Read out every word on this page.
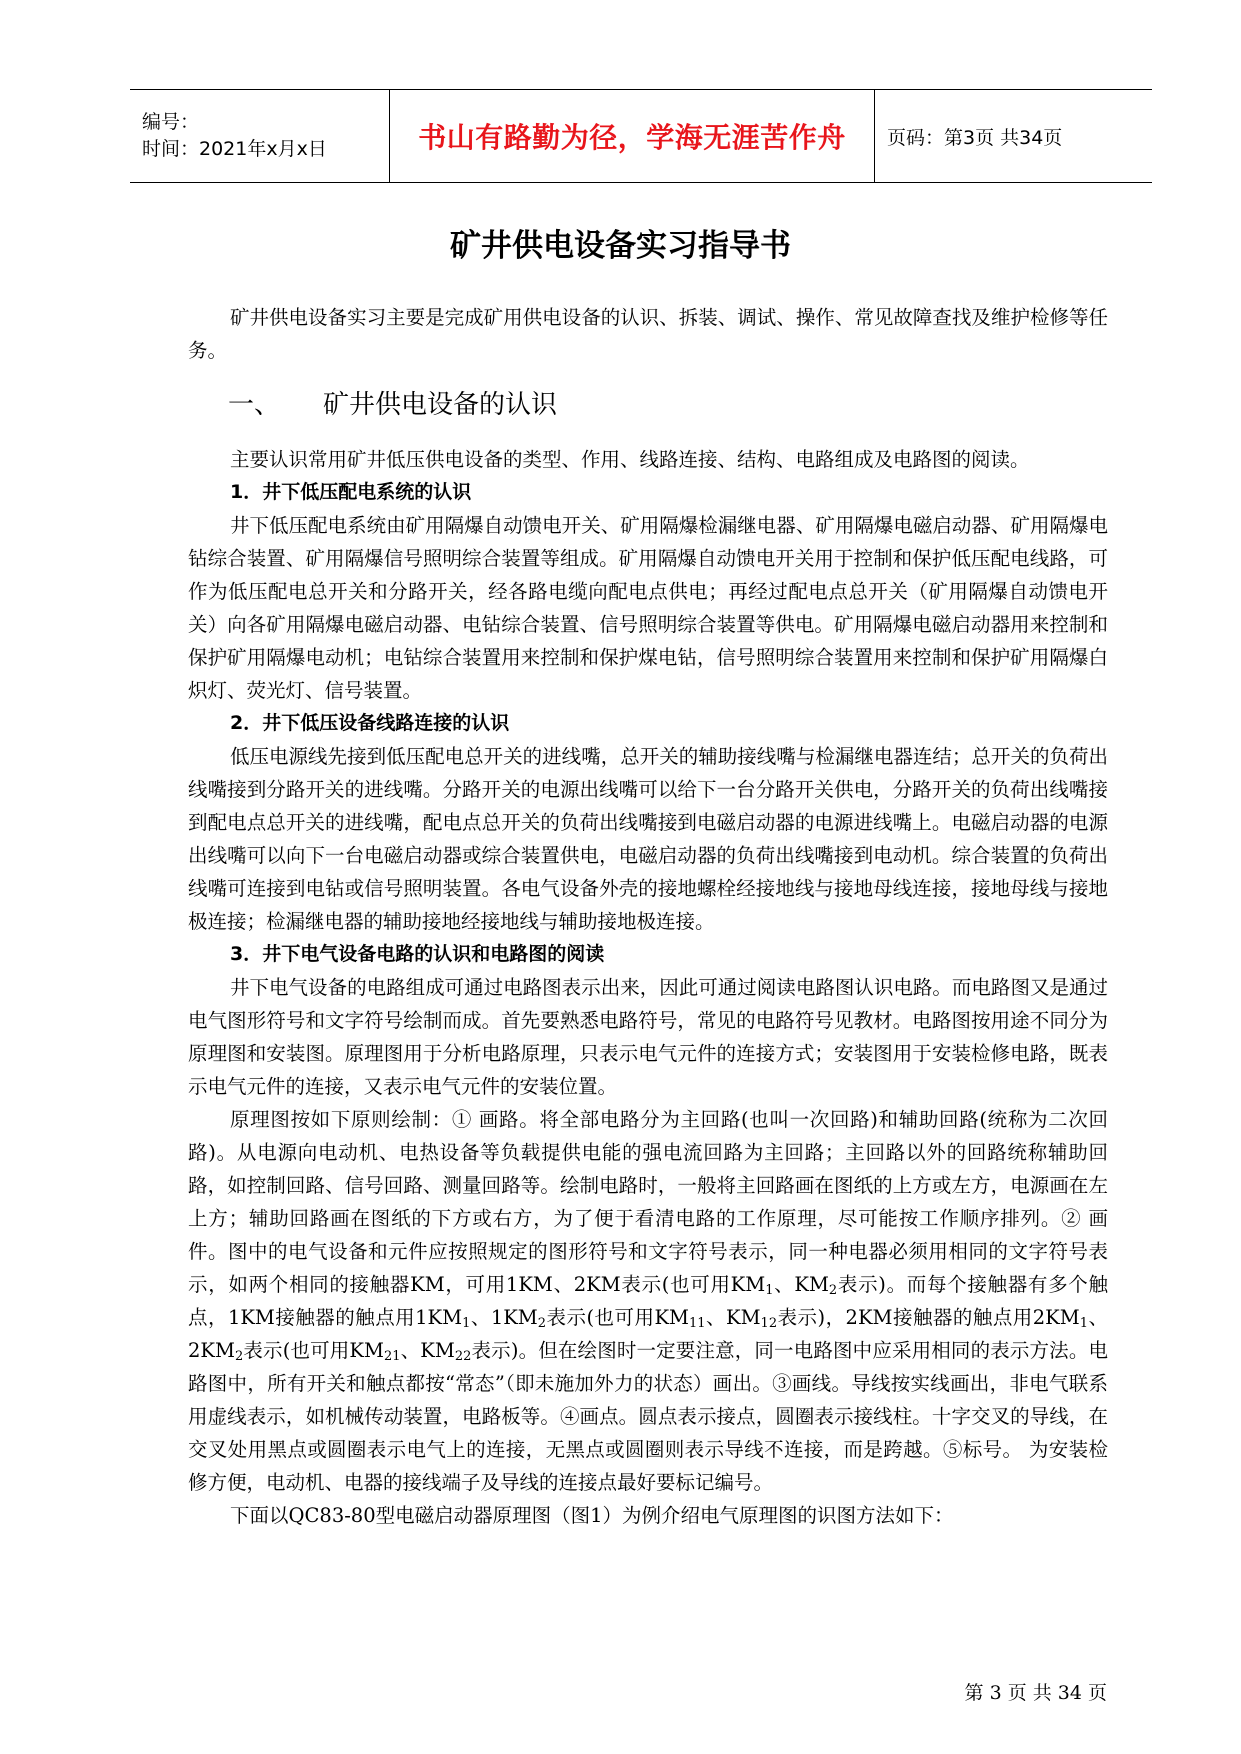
编号：
时间：2021年x月x日	书山有路勤为径，学海无涯苦作舟	页码：第3页 共34页
矿井供电设备实习指导书

矿井供电设备实习主要是完成矿用供电设备的认识、拆装、调试、操作、常见故障查找及维护检修等任务。

一、 矿井供电设备的认识

主要认识常用矿井低压供电设备的类型、作用、线路连接、结构、电路组成及电路图的阅读。

1．井下低压配电系统的认识

井下低压配电系统由矿用隔爆自动馈电开关、矿用隔爆检漏继电器、矿用隔爆电磁启动器、矿用隔爆电钻综合装置、矿用隔爆信号照明综合装置等组成。矿用隔爆自动馈电开关用于控制和保护低压配电线路，可作为低压配电总开关和分路开关，经各路电缆向配电点供电；再经过配电点总开关（矿用隔爆自动馈电开关）向各矿用隔爆电磁启动器、电钻综合装置、信号照明综合装置等供电。矿用隔爆电磁启动器用来控制和保护矿用隔爆电动机；电钻综合装置用来控制和保护煤电钻，信号照明综合装置用来控制和保护矿用隔爆白炽灯、荧光灯、信号装置。

2．井下低压设备线路连接的认识

低压电源线先接到低压配电总开关的进线嘴，总开关的辅助接线嘴与检漏继电器连结；总开关的负荷出线嘴接到分路开关的进线嘴。分路开关的电源出线嘴可以给下一台分路开关供电，分路开关的负荷出线嘴接到配电点总开关的进线嘴，配电点总开关的负荷出线嘴接到电磁启动器的电源进线嘴上。电磁启动器的电源出线嘴可以向下一台电磁启动器或综合装置供电，电磁启动器的负荷出线嘴接到电动机。综合装置的负荷出线嘴可连接到电钻或信号照明装置。各电气设备外壳的接地螺栓经接地线与接地母线连接，接地母线与接地极连接；检漏继电器的辅助接地经接地线与辅助接地极连接。

3．井下电气设备电路的认识和电路图的阅读

井下电气设备的电路组成可通过电路图表示出来，因此可通过阅读电路图认识电路。而电路图又是通过电气图形符号和文字符号绘制而成。首先要熟悉电路符号，常见的电路符号见教材。电路图按用途不同分为原理图和安装图。原理图用于分析电路原理，只表示电气元件的连接方式；安装图用于安装检修电路，既表示电气元件的连接，又表示电气元件的安装位置。

原理图按如下原则绘制：① 画路。将全部电路分为主回路(也叫一次回路)和辅助回路(统称为二次回路)。从电源向电动机、电热设备等负载提供电能的强电流回路为主回路；主回路以外的回路统称辅助回路，如控制回路、信号回路、测量回路等。绘制电路时，一般将主回路画在图纸的上方或左方，电源画在左上方；辅助回路画在图纸的下方或右方，为了便于看清电路的工作原理，尽可能按工作顺序排列。② 画件。图中的电气设备和元件应按照规定的图形符号和文字符号表示，同一种电器必须用相同的文字符号表示，如两个相同的接触器KM，可用1KM、2KM表示(也可用$KM_1$、$KM_2$表示)。而每个接触器有多个触点，1KM接触器的触点用$1KM_1$、$1KM_2$表示(也可用$KM_{11}$、$KM_{12}$表示)，2KM接触器的触点用$2KM_1$、$2KM_2$表示(也可用$KM_{21}$、$KM_{22}$表示)。但在绘图时一定要注意，同一电路图中应采用相同的表示方法。电路图中，所有开关和触点都按“常态”（即未施加外力的状态）画出。③画线。导线按实线画出，非电气联系用虚线表示，如机械传动装置，电路板等。④画点。圆点表示接点，圆圈表示接线柱。十字交叉的导线，在交叉处用黑点或圆圈表示电气上的连接，无黑点或圆圈则表示导线不连接，而是跨越。⑤标号。 为安装检修方便，电动机、电器的接线端子及导线的连接点最好要标记编号。

下面以QC83-80型电磁启动器原理图（图1）为例介绍电气原理图的识图方法如下：

第 3 页 共 34 页
